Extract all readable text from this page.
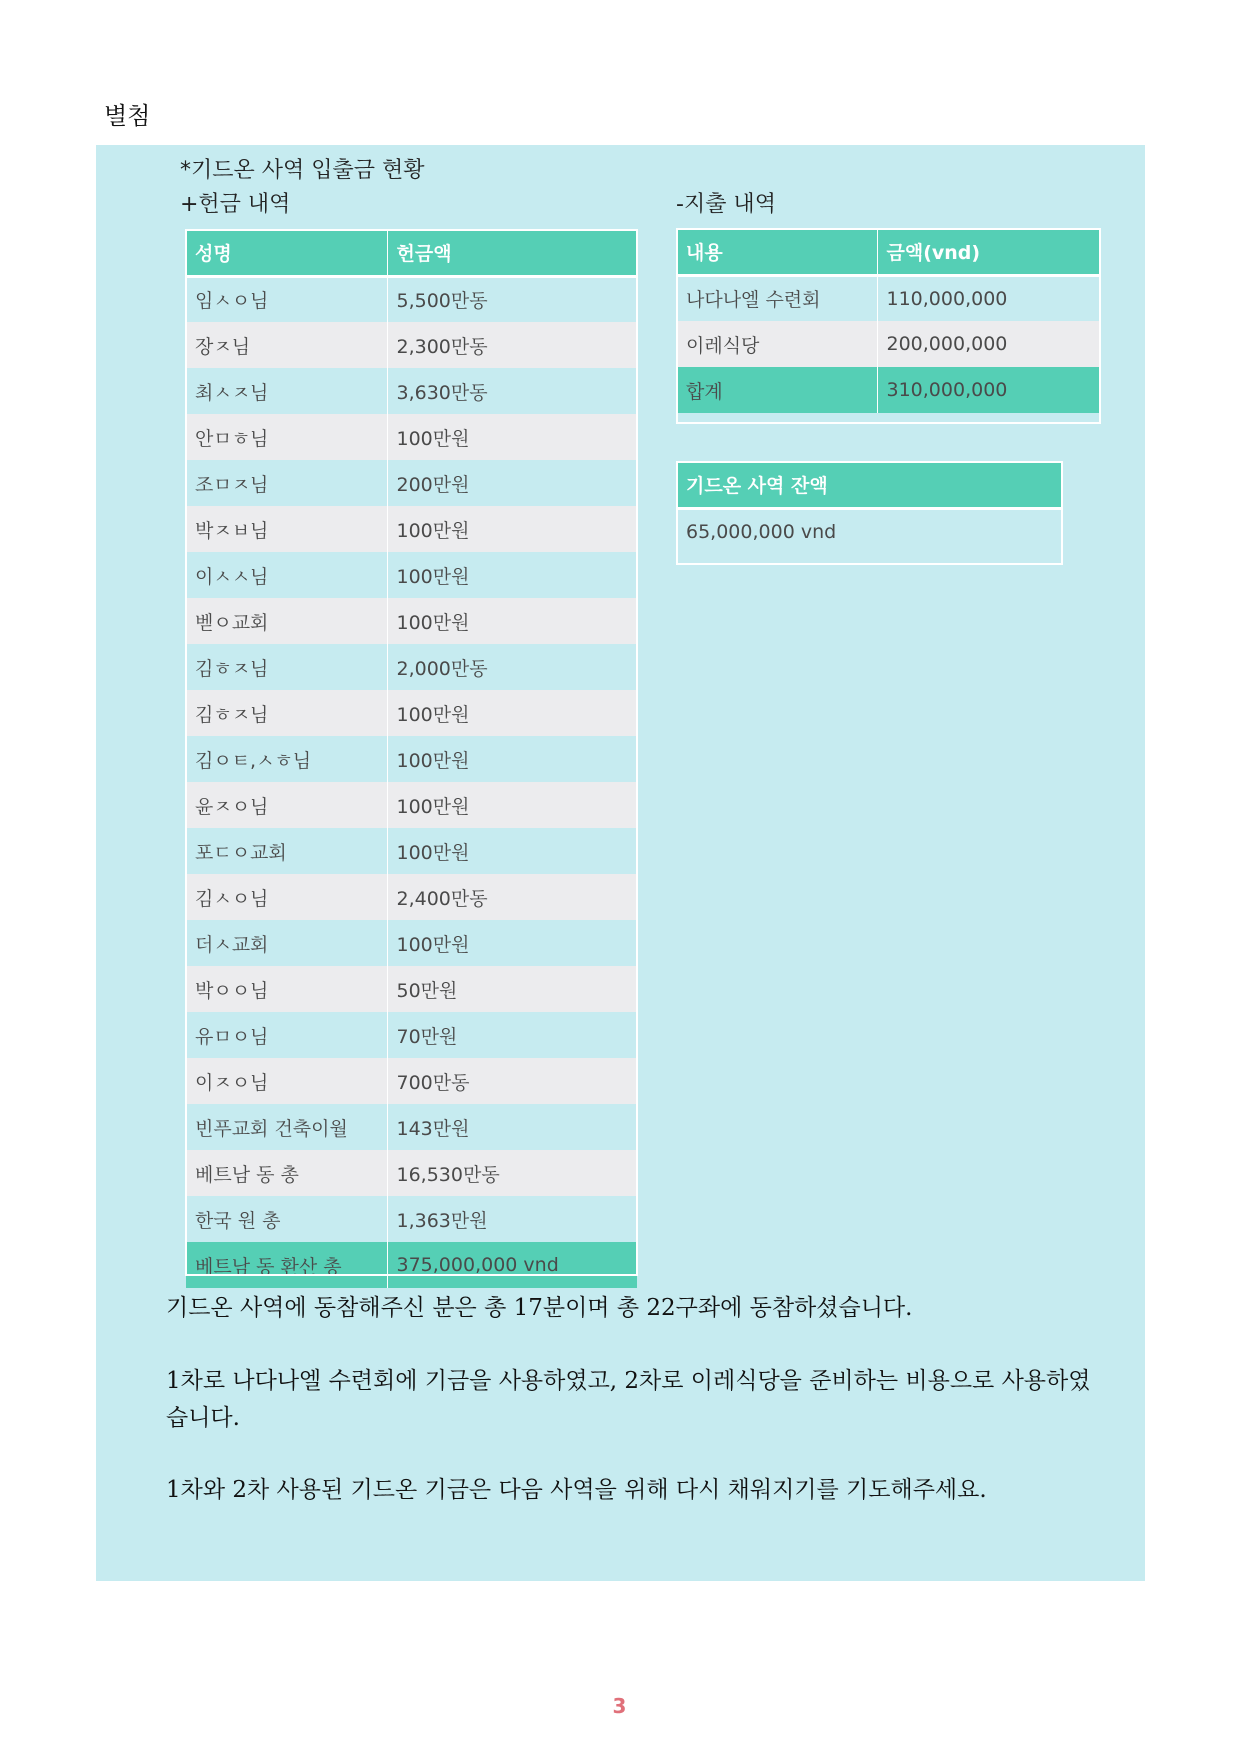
별첨
*기드온 사역 입출금 현황
+헌금 내역	-지출 내역
성명	헌금액
임ㅅㅇ님	5,500만동
장ㅈ님	2,300만동
최ㅅㅈ님	3,630만동
안ㅁㅎ님	100만원
조ㅁㅈ님	200만원
박ㅈㅂ님	100만원
이ㅅㅅ님	100만원
벧ㅇ교회	100만원
김ㅎㅈ님	2,000만동
김ㅎㅈ님	100만원
김ㅇㅌ,ㅅㅎ님	100만원
윤ㅈㅇ님	100만원
포ㄷㅇ교회	100만원
김ㅅㅇ님	2,400만동
더ㅅ교회	100만원
박ㅇㅇ님	50만원
유ㅁㅇ님	70만원
이ㅈㅇ님	700만동
빈푸교회 건축이월	143만원
베트남 동 총	16,530만동
한국 원 총	1,363만원
베트남 동 환산 총	375,000,000 vnd
내용	금액(vnd)
나다나엘 수련회	110,000,000
이레식당	200,000,000
합계	310,000,000
기드온 사역 잔액
65,000,000 vnd

기드온 사역에 동참해주신 분은 총 17분이며 총 22구좌에 동참하셨습니다.

1차로 나다나엘 수련회에 기금을 사용하였고, 2차로 이레식당을 준비하는 비용으로 사용하였습니다.

1차와 2차 사용된 기드온 기금은 다음 사역을 위해 다시 채워지기를 기도해주세요.

3
